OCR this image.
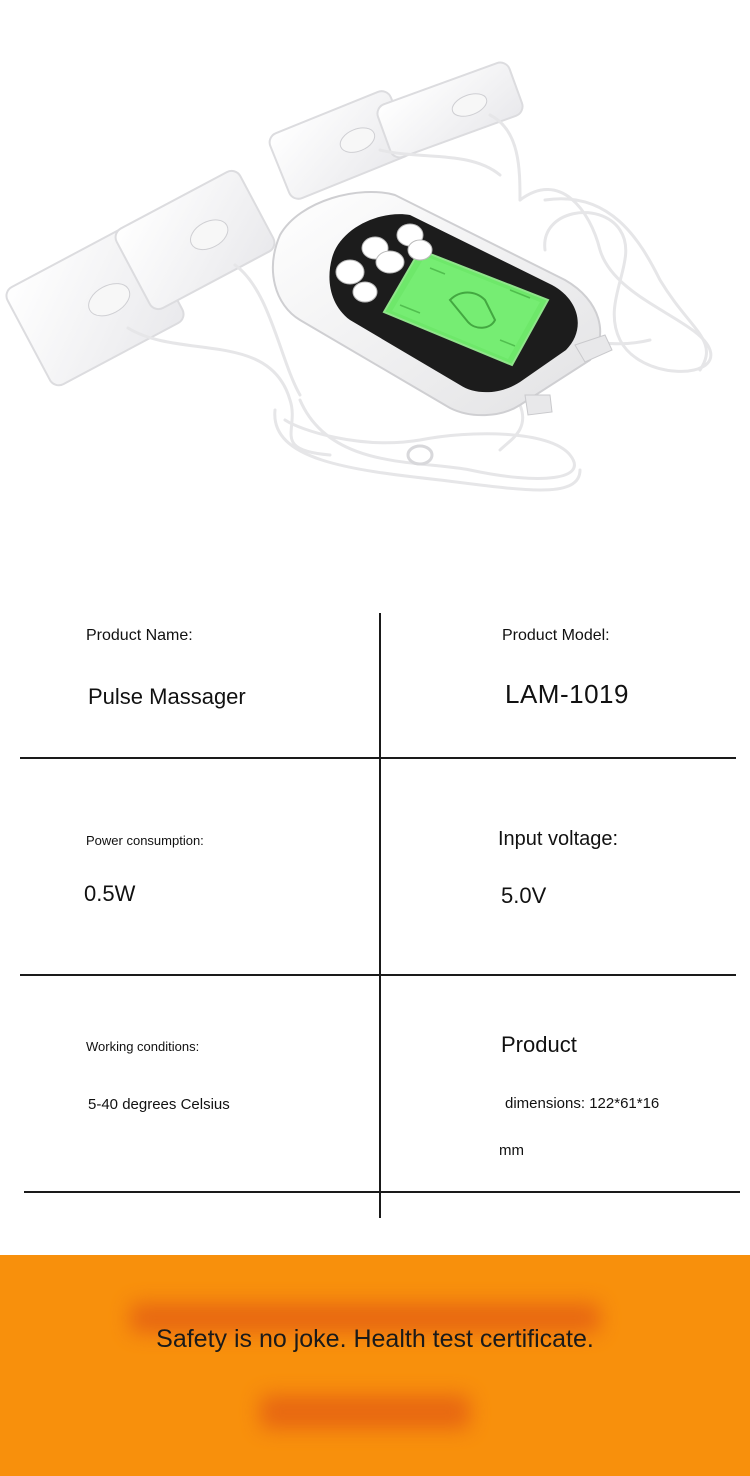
Product Name:
Pulse Massager
Product Model:
LAM-1019
Power consumption:
0.5W
Input voltage:
5.0V
Working conditions:
5-40 degrees Celsius
Product
dimensions: 122*61*16
mm
Safety is no joke. Health test certificate.
